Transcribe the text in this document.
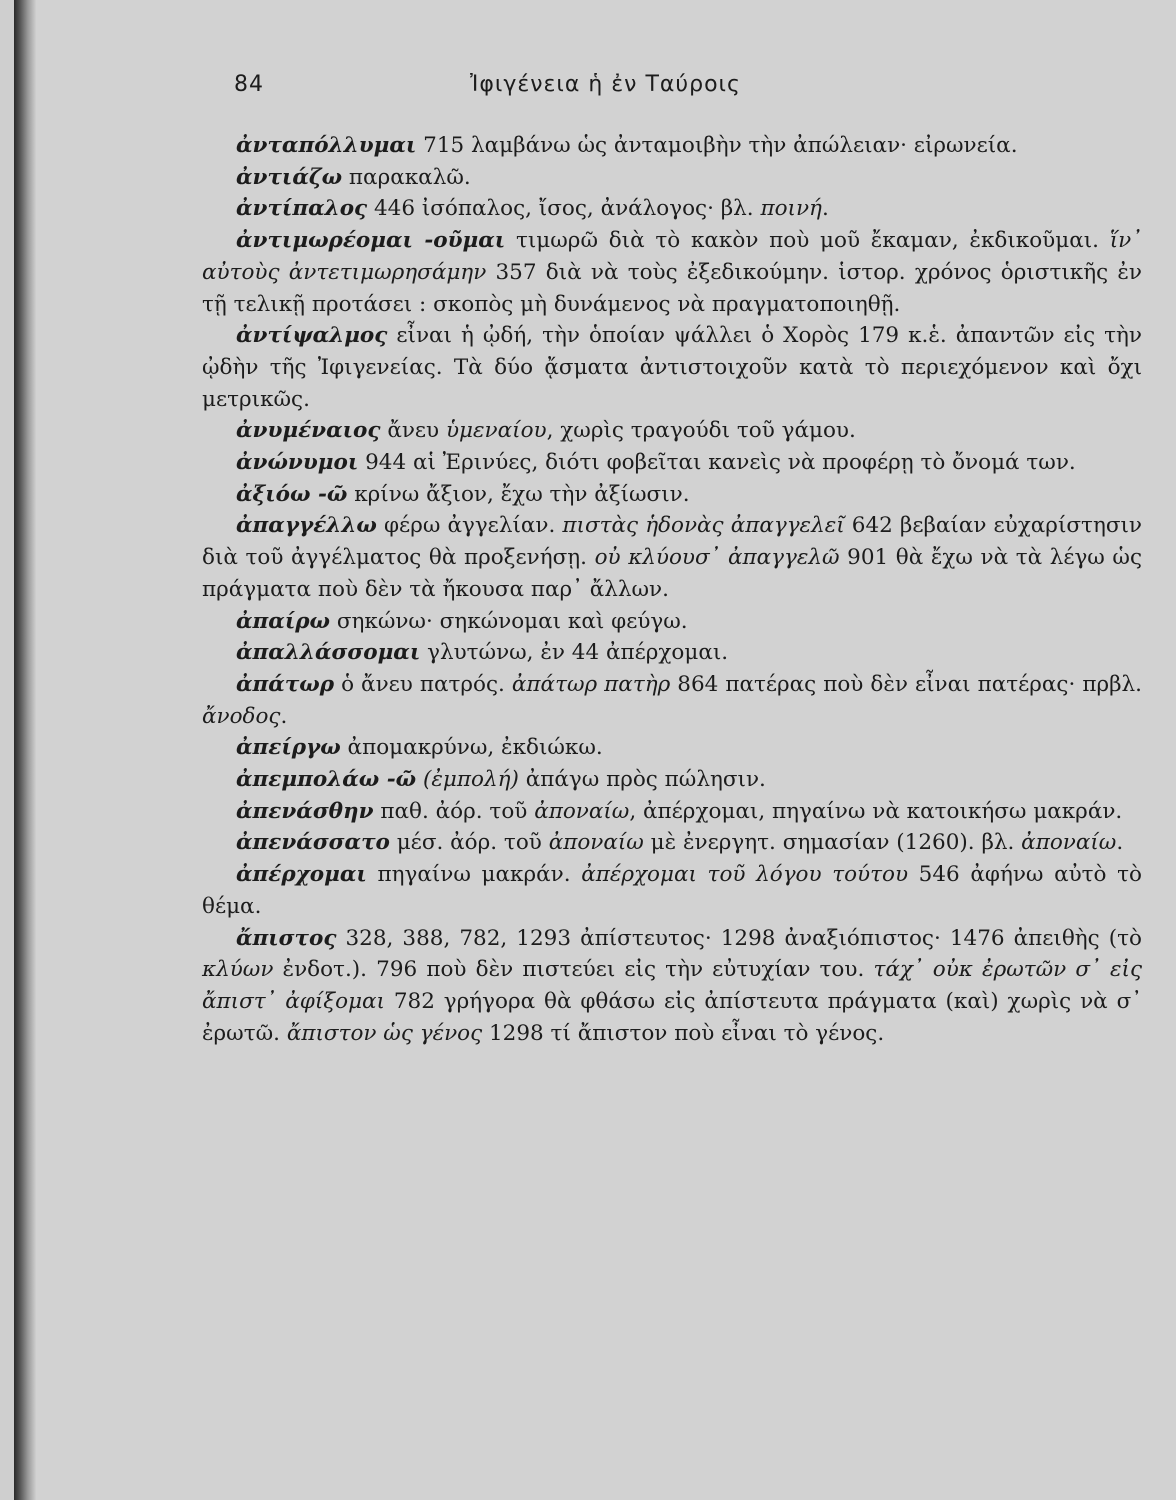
84	Ἰφιγένεια ἡ ἐν Ταύροις

ἀνταπόλλυμαι 715 λαμβάνω ὡς ἀνταμοιβὴν τὴν ἀπώλειαν· εἰρωνεία.

ἀντιάζω παρακαλῶ.

ἀντίπαλος 446 ἰσόπαλος, ἴσος, ἀνάλογος· βλ. ποινή.

ἀντιμωρέομαι -οῦμαι τιμωρῶ διὰ τὸ κακὸν ποὺ μοῦ ἔκαμαν, ἐκδικοῦμαι. ἵν᾽ αὐτοὺς ἀντετιμωρησάμην 357 διὰ νὰ τοὺς ἐξεδικούμην. ἱστορ. χρόνος ὁριστικῆς ἐν τῇ τελικῇ προτάσει : σκοπὸς μὴ δυνάμενος νὰ πραγματοποιηθῇ.

ἀντίψαλμος εἶναι ἡ ᾠδή, τὴν ὁποίαν ψάλλει ὁ Χορὸς 179 κ.ἑ. ἀπαντῶν εἰς τὴν ᾠδὴν τῆς Ἰφιγενείας. Τὰ δύο ᾄσματα ἀντιστοιχοῦν κατὰ τὸ περιεχόμενον καὶ ὄχι μετρικῶς.

ἀνυμέναιος ἄνευ ὑμεναίου, χωρὶς τραγούδι τοῦ γάμου.

ἀνώνυμοι 944 αἱ Ἐρινύες, διότι φοβεῖται κανεὶς νὰ προφέρῃ τὸ ὄνομά των.

ἀξιόω -ῶ κρίνω ἄξιον, ἔχω τὴν ἀξίωσιν.

ἀπαγγέλλω φέρω ἀγγελίαν. πιστὰς ἡδονὰς ἀπαγγελεῖ 642 βεβαίαν εὐχαρίστησιν διὰ τοῦ ἀγγέλματος θὰ προξενήσῃ. οὐ κλύουσ᾽ ἀπαγγελῶ 901 θὰ ἔχω νὰ τὰ λέγω ὡς πράγματα ποὺ δὲν τὰ ἤκουσα παρ᾽ ἄλλων.

ἀπαίρω σηκώνω· σηκώνομαι καὶ φεύγω.

ἀπαλλάσσομαι γλυτώνω, ἐν 44 ἀπέρχομαι.

ἀπάτωρ ὁ ἄνευ πατρός. ἀπάτωρ πατὴρ 864 πατέρας ποὺ δὲν εἶναι πατέρας· πρβλ. ἄνοδος.

ἀπείργω ἀπομακρύνω, ἐκδιώκω.

ἀπεμπολάω -ῶ (ἐμπολή) ἀπάγω πρὸς πώλησιν.

ἀπενάσθην παθ. ἀόρ. τοῦ ἀποναίω, ἀπέρχομαι, πηγαίνω νὰ κατοικήσω μακράν.

ἀπενάσσατο μέσ. ἀόρ. τοῦ ἀποναίω μὲ ἐνεργητ. σημασίαν (1260). βλ. ἀποναίω.

ἀπέρχομαι πηγαίνω μακράν. ἀπέρχομαι τοῦ λόγου τούτου 546 ἀφήνω αὐτὸ τὸ θέμα.

ἄπιστος 328, 388, 782, 1293 ἀπίστευτος· 1298 ἀναξιόπιστος· 1476 ἀπειθὴς (τὸ κλύων ἐνδοτ.). 796 ποὺ δὲν πιστεύει εἰς τὴν εὐτυχίαν του. τάχ᾽ οὐκ ἐρωτῶν σ᾽ εἰς ἄπιστ᾽ ἀφίξομαι 782 γρήγορα θὰ φθάσω εἰς ἀπίστευτα πράγματα (καὶ) χωρὶς νὰ σ᾽ ἐρωτῶ. ἄπιστον ὡς γένος 1298 τί ἄπιστον ποὺ εἶναι τὸ γένος.
